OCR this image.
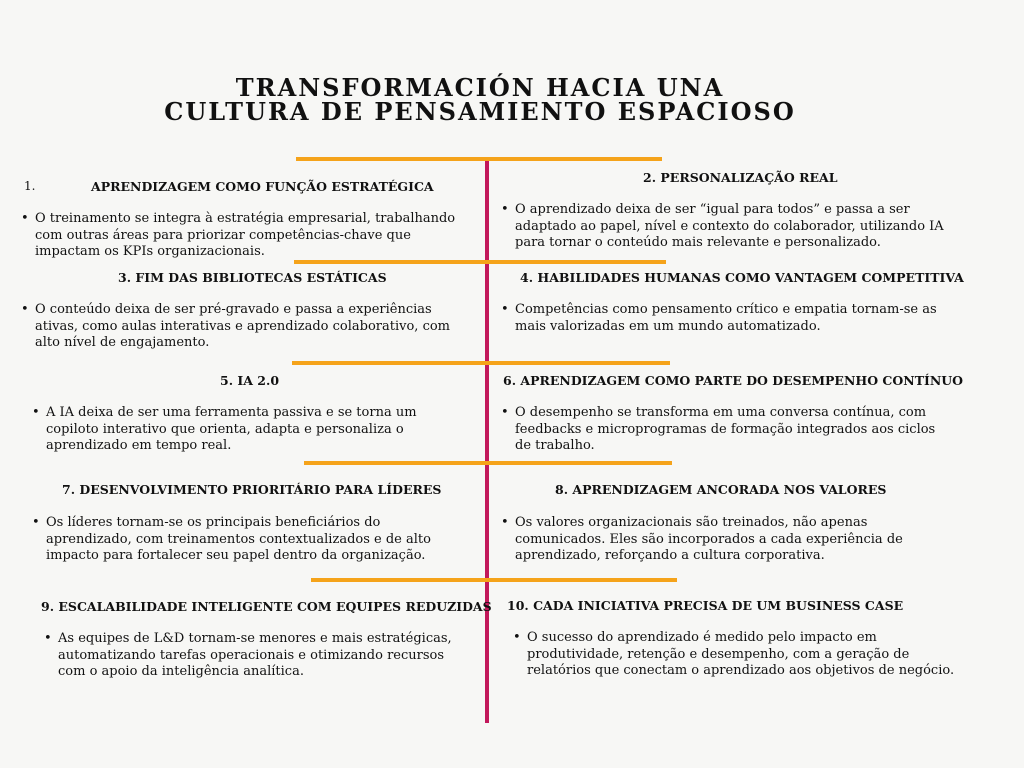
TRANSFORMACIÓN HACIA UNA
CULTURA DE PENSAMIENTO ESPACIOSO
1.	APRENDIZAGEM COMO FUNÇÃO ESTRATÉGICA
• O treinamento se integra à estratégia empresarial, trabalhando com outras áreas para priorizar competências-chave que impactam os KPIs organizacionais.
2. PERSONALIZAÇÃO REAL
• O aprendizado deixa de ser “igual para todos” e passa a ser adaptado ao papel, nível e contexto do colaborador, utilizando IA para tornar o conteúdo mais relevante e personalizado.
3. FIM DAS BIBLIOTECAS ESTÁTICAS
• O conteúdo deixa de ser pré-gravado e passa a experiências ativas, como aulas interativas e aprendizado colaborativo, com alto nível de engajamento.
4. HABILIDADES HUMANAS COMO VANTAGEM COMPETITIVA
• Competências como pensamento crítico e empatia tornam-se as mais valorizadas em um mundo automatizado.
5. IA 2.0
• A IA deixa de ser uma ferramenta passiva e se torna um copiloto interativo que orienta, adapta e personaliza o aprendizado em tempo real.
6. APRENDIZAGEM COMO PARTE DO DESEMPENHO CONTÍNUO
• O desempenho se transforma em uma conversa contínua, com feedbacks e microprogramas de formação integrados aos ciclos de trabalho.
7. DESENVOLVIMENTO PRIORITÁRIO PARA LÍDERES
• Os líderes tornam-se os principais beneficiários do aprendizado, com treinamentos contextualizados e de alto impacto para fortalecer seu papel dentro da organização.
8. APRENDIZAGEM ANCORADA NOS VALORES
• Os valores organizacionais são treinados, não apenas comunicados. Eles são incorporados a cada experiência de aprendizado, reforçando a cultura corporativa.
9. ESCALABILIDADE INTELIGENTE COM EQUIPES REDUZIDAS
• As equipes de L&D tornam-se menores e mais estratégicas, automatizando tarefas operacionais e otimizando recursos com o apoio da inteligência analítica.
10. CADA INICIATIVA PRECISA DE UM BUSINESS CASE
• O sucesso do aprendizado é medido pelo impacto em produtividade, retenção e desempenho, com a geração de relatórios que conectam o aprendizado aos objetivos de negócio.
